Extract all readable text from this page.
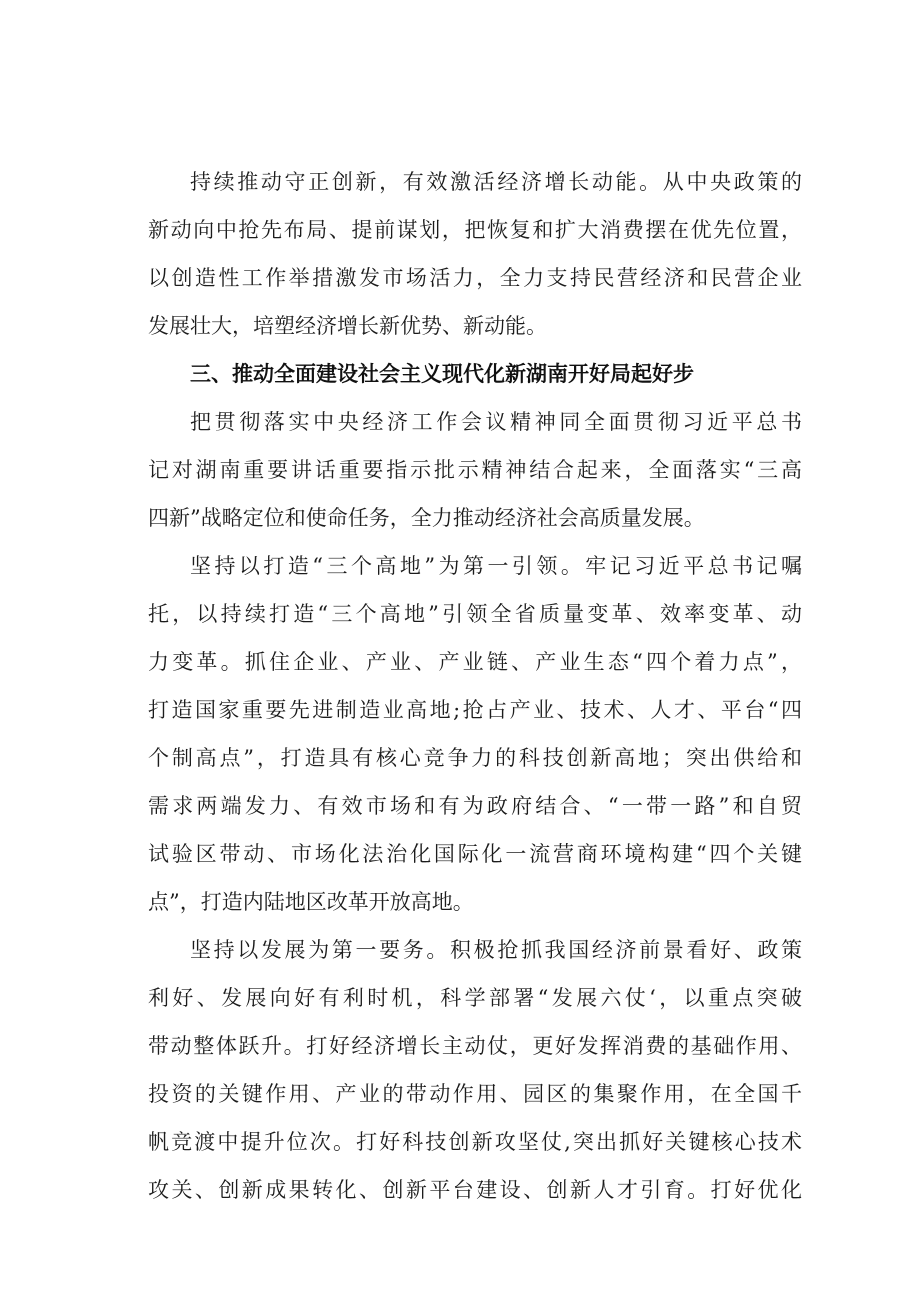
持续推动守正创新，有效激活经济增长动能。从中央政策的
新动向中抢先布局、提前谋划，把恢复和扩大消费摆在优先位置，
以创造性工作举措激发市场活力，全力支持民营经济和民营企业
发展壮大，培塑经济增长新优势、新动能。
三、推动全面建设社会主义现代化新湖南开好局起好步
把贯彻落实中央经济工作会议精神同全面贯彻习近平总书
记对湖南重要讲话重要指示批示精神结合起来，全面落实“三高
四新”战略定位和使命任务，全力推动经济社会高质量发展。
坚持以打造“三个高地”为第一引领。牢记习近平总书记嘱
托，以持续打造“三个高地”引领全省质量变革、效率变革、动
力变革。抓住企业、产业、产业链、产业生态“四个着力点”，
打造国家重要先进制造业高地;抢占产业、技术、人才、平台“四
个制高点”，打造具有核心竞争力的科技创新高地；突出供给和
需求两端发力、有效市场和有为政府结合、“一带一路”和自贸
试验区带动、市场化法治化国际化一流营商环境构建“四个关键
点”，打造内陆地区改革开放高地。
坚持以发展为第一要务。积极抢抓我国经济前景看好、政策
利好、发展向好有利时机，科学部署“发展六仗‘，以重点突破
带动整体跃升。打好经济增长主动仗，更好发挥消费的基础作用、
投资的关键作用、产业的带动作用、园区的集聚作用，在全国千
帆竞渡中提升位次。打好科技创新攻坚仗,突出抓好关键核心技术
攻关、创新成果转化、创新平台建设、创新人才引育。打好优化
